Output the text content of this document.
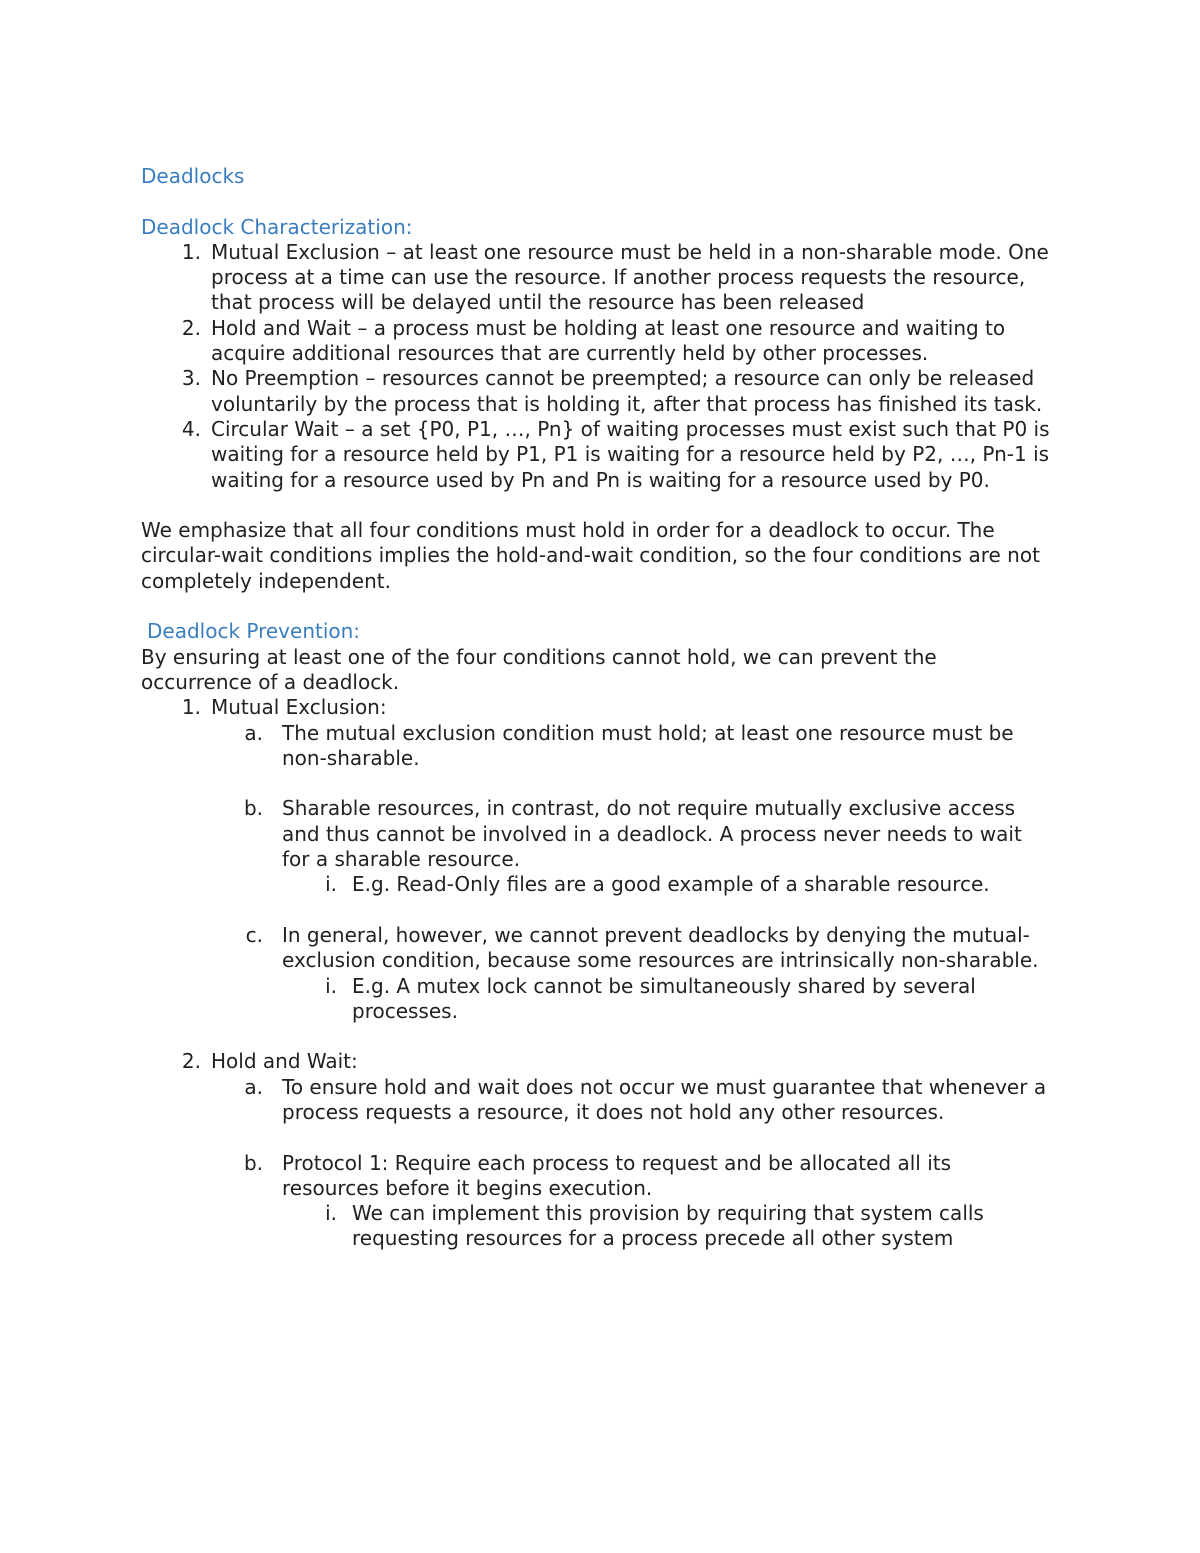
Deadlocks
Deadlock Characterization:
1. Mutual Exclusion – at least one resource must be held in a non-sharable mode. One process at a time can use the resource. If another process requests the resource, that process will be delayed until the resource has been released
2. Hold and Wait – a process must be holding at least one resource and waiting to acquire additional resources that are currently held by other processes.
3. No Preemption – resources cannot be preempted; a resource can only be released voluntarily by the process that is holding it, after that process has finished its task.
4. Circular Wait – a set {P0, P1, …, Pn} of waiting processes must exist such that P0 is waiting for a resource held by P1, P1 is waiting for a resource held by P2, …, Pn-1 is waiting for a resource used by Pn and Pn is waiting for a resource used by P0.

We emphasize that all four conditions must hold in order for a deadlock to occur. The circular-wait conditions implies the hold-and-wait condition, so the four conditions are not completely independent.

Deadlock Prevention:

By ensuring at least one of the four conditions cannot hold, we can prevent the occurrence of a deadlock.

1. Mutual Exclusion:
a. The mutual exclusion condition must hold; at least one resource must be non-sharable.
b. Sharable resources, in contrast, do not require mutually exclusive access and thus cannot be involved in a deadlock. A process never needs to wait for a sharable resource.
i. E.g. Read-Only files are a good example of a sharable resource.
c. In general, however, we cannot prevent deadlocks by denying the mutual-exclusion condition, because some resources are intrinsically non-sharable.
i. E.g. A mutex lock cannot be simultaneously shared by several processes.
2. Hold and Wait:
a. To ensure hold and wait does not occur we must guarantee that whenever a process requests a resource, it does not hold any other resources.
b. Protocol 1: Require each process to request and be allocated all its resources before it begins execution.
i. We can implement this provision by requiring that system calls requesting resources for a process precede all other system
